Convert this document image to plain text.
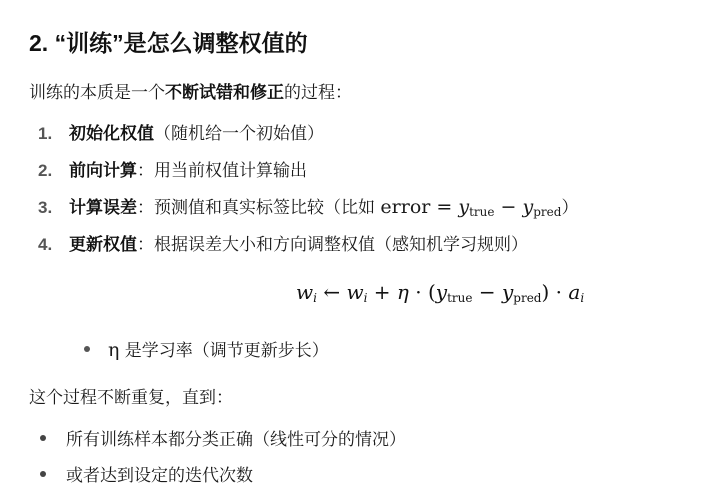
2. “训练”是怎么调整权值的
训练的本质是一个不断试错和修正的过程：
1. 初始化权值（随机给一个初始值）
2. 前向计算：用当前权值计算输出
3. 计算误差：预测值和真实标签比较（比如 error = $y_{true} - y_{pred}$）
4. 更新权值：根据误差大小和方向调整权值（感知机学习规则）
$w_i$ ← $w_i + \eta \cdot (y_{true} - y_{pred}) \cdot a_i$
η 是学习率（调节更新步长）
这个过程不断重复，直到：
所有训练样本都分类正确（线性可分的情况）
或者达到设定的迭代次数
